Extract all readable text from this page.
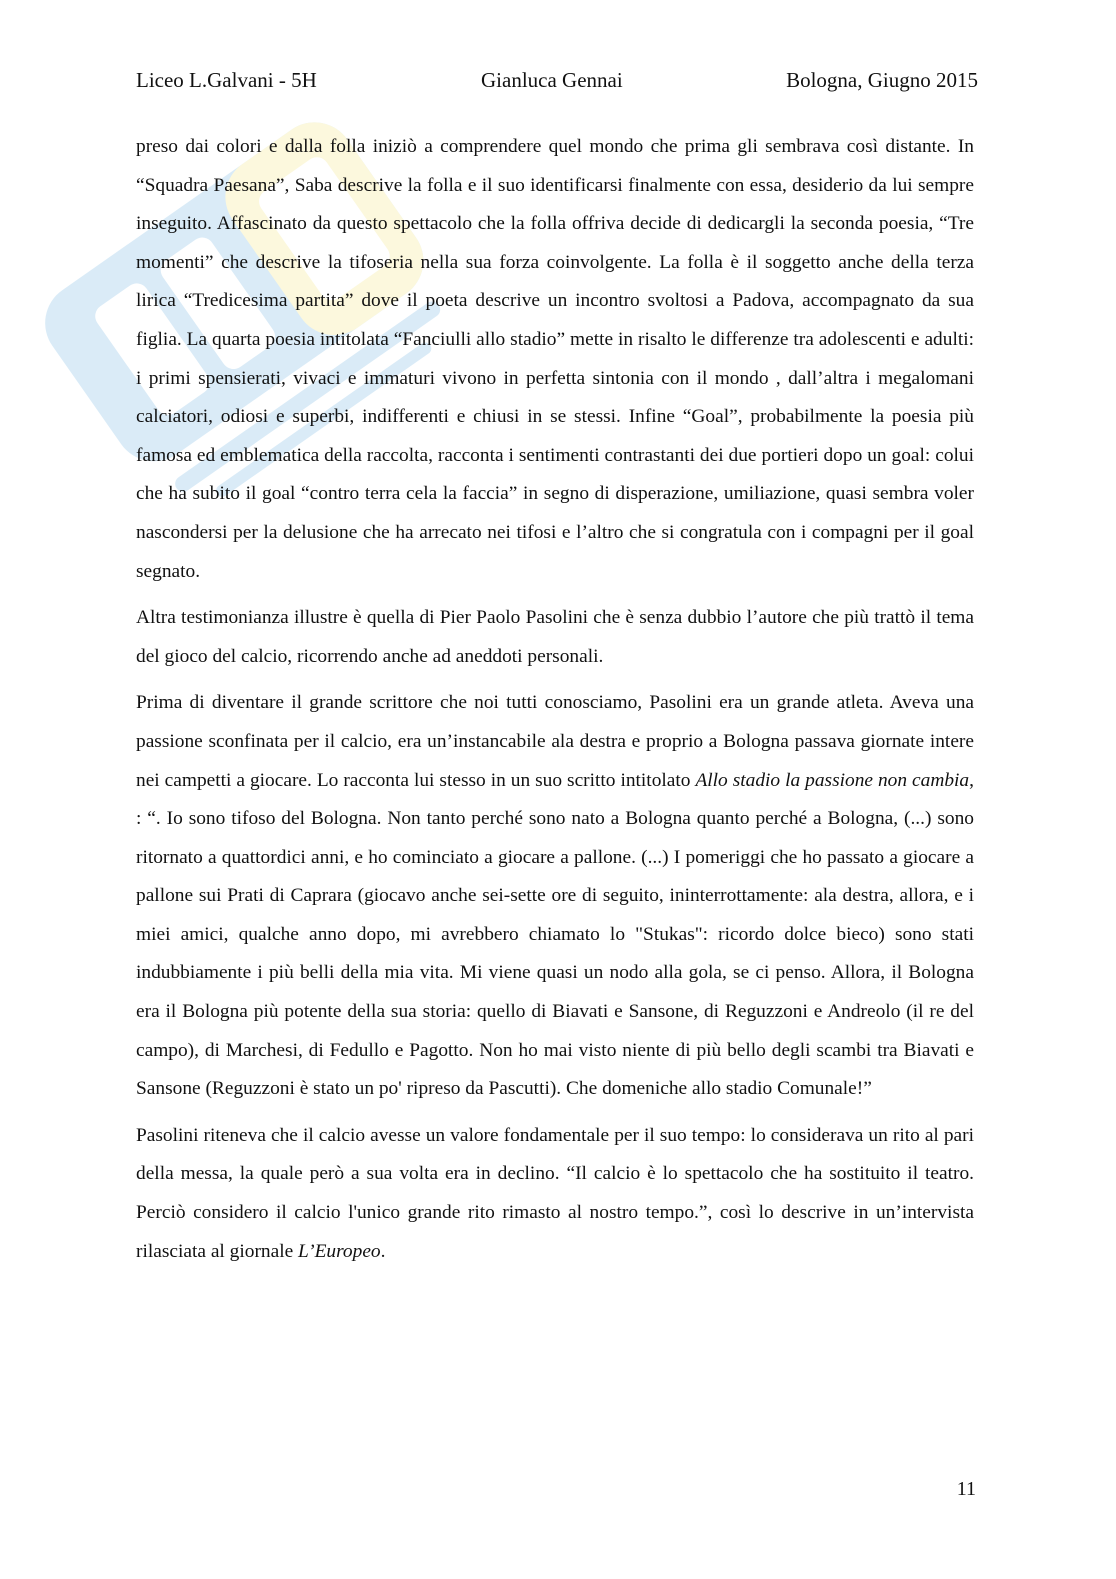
Liceo L.Galvani - 5H	Gianluca Gennai	Bologna, Giugno 2015

preso dai colori e dalla folla iniziò a comprendere quel mondo che prima gli sembrava così distante. In “Squadra Paesana”, Saba descrive la folla e il suo identificarsi finalmente con essa, desiderio da lui sempre inseguito. Affascinato da questo spettacolo che la folla offriva decide di dedicargli la seconda poesia, “Tre momenti” che descrive la tifoseria nella sua forza coinvolgente. La folla è il soggetto anche della terza lirica “Tredicesima partita” dove il poeta descrive un incontro svoltosi a Padova, accompagnato da sua figlia. La quarta poesia intitolata “Fanciulli allo stadio” mette in risalto le differenze tra adolescenti e adulti: i primi spensierati, vivaci e immaturi vivono in perfetta sintonia con il mondo , dall’altra i megalomani calciatori, odiosi e superbi, indifferenti e chiusi in se stessi. Infine “Goal”, probabilmente la poesia più famosa ed emblematica della raccolta, racconta i sentimenti contrastanti dei due portieri dopo un goal: colui che ha subito il goal “contro terra cela la faccia” in segno di disperazione, umiliazione, quasi sembra voler nascondersi per la delusione che ha arrecato nei tifosi e l’altro che si congratula con i compagni per il goal segnato.

Altra testimonianza illustre è quella di Pier Paolo Pasolini che è senza dubbio l’autore che più trattò il tema del gioco del calcio, ricorrendo anche ad aneddoti personali.

Prima di diventare il grande scrittore che noi tutti conosciamo, Pasolini era un grande atleta. Aveva una passione sconfinata per il calcio, era un’instancabile ala destra e proprio a Bologna passava giornate intere nei campetti a giocare. Lo racconta lui stesso in un suo scritto intitolato Allo stadio la passione non cambia, : “. Io sono tifoso del Bologna. Non tanto perché sono nato a Bologna quanto perché a Bologna, (...) sono ritornato a quattordici anni, e ho cominciato a giocare a pallone. (...) I pomeriggi che ho passato a giocare a pallone sui Prati di Caprara (giocavo anche sei-sette ore di seguito, ininterrottamente: ala destra, allora, e i miei amici, qualche anno dopo, mi avrebbero chiamato lo "Stukas": ricordo dolce bieco) sono stati indubbiamente i più belli della mia vita. Mi viene quasi un nodo alla gola, se ci penso. Allora, il Bologna era il Bologna più potente della sua storia: quello di Biavati e Sansone, di Reguzzoni e Andreolo (il re del campo), di Marchesi, di Fedullo e Pagotto. Non ho mai visto niente di più bello degli scambi tra Biavati e Sansone (Reguzzoni è stato un po' ripreso da Pascutti). Che domeniche allo stadio Comunale!”

Pasolini riteneva che il calcio avesse un valore fondamentale per il suo tempo: lo considerava un rito al pari della messa, la quale però a sua volta era in declino. “Il calcio è lo spettacolo che ha sostituito il teatro. Perciò considero il calcio l'unico grande rito rimasto al nostro tempo.”, così lo descrive in un’intervista rilasciata al giornale L’Europeo.

11
